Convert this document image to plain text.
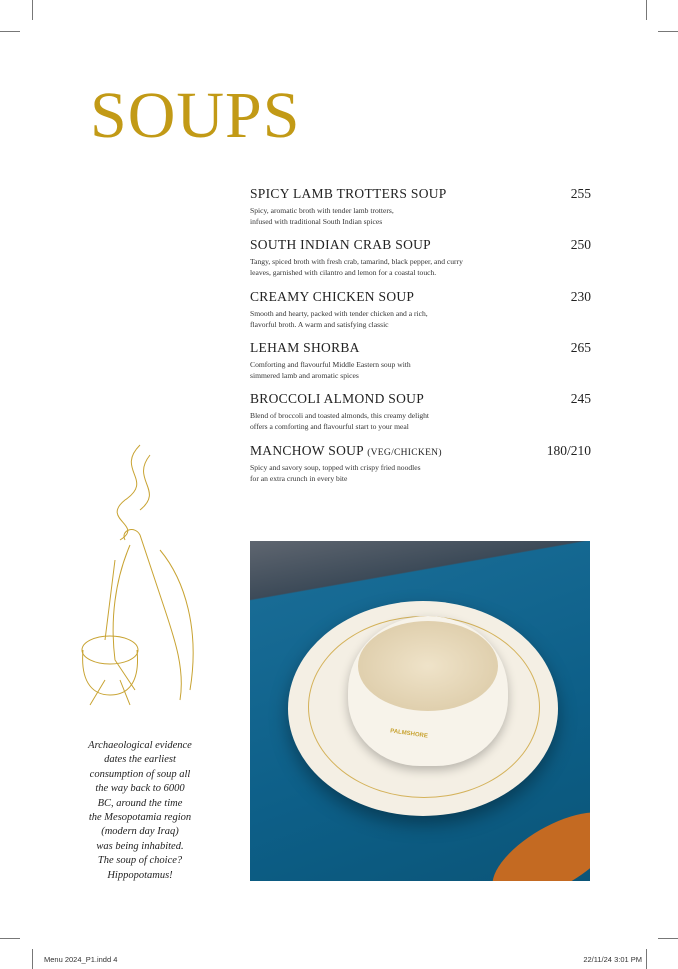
SOUPS
SPICY LAMB TROTTERS SOUP	255
Spicy, aromatic broth with tender lamb trotters,
infused with traditional South Indian spices
SOUTH INDIAN CRAB SOUP	250
Tangy, spiced broth with fresh crab, tamarind, black pepper, and curry
leaves, garnished with cilantro and lemon for a coastal touch.
CREAMY CHICKEN SOUP	230
Smooth and hearty, packed with tender chicken and a rich,
flavorful broth. A warm and satisfying classic
LEHAM SHORBA	265
Comforting and flavourful Middle Eastern soup with
simmered lamb and aromatic spices
BROCCOLI ALMOND SOUP	245
Blend of broccoli and toasted almonds, this creamy delight
offers a comforting and flavourful start to your meal
MANCHOW SOUP (VEG/CHICKEN)	180/210
Spicy and savory soup, topped with crispy fried noodles
for an extra crunch in every bite
Archaeological evidence
dates the earliest
consumption of soup all
the way back to 6000
BC, around the time
the Mesopotamia region
(modern day Iraq)
was being inhabited.
The soup of choice?
Hippopotamus!
PALMSHORE
Menu 2024_P1.indd 4	22/11/24 3:01 PM
